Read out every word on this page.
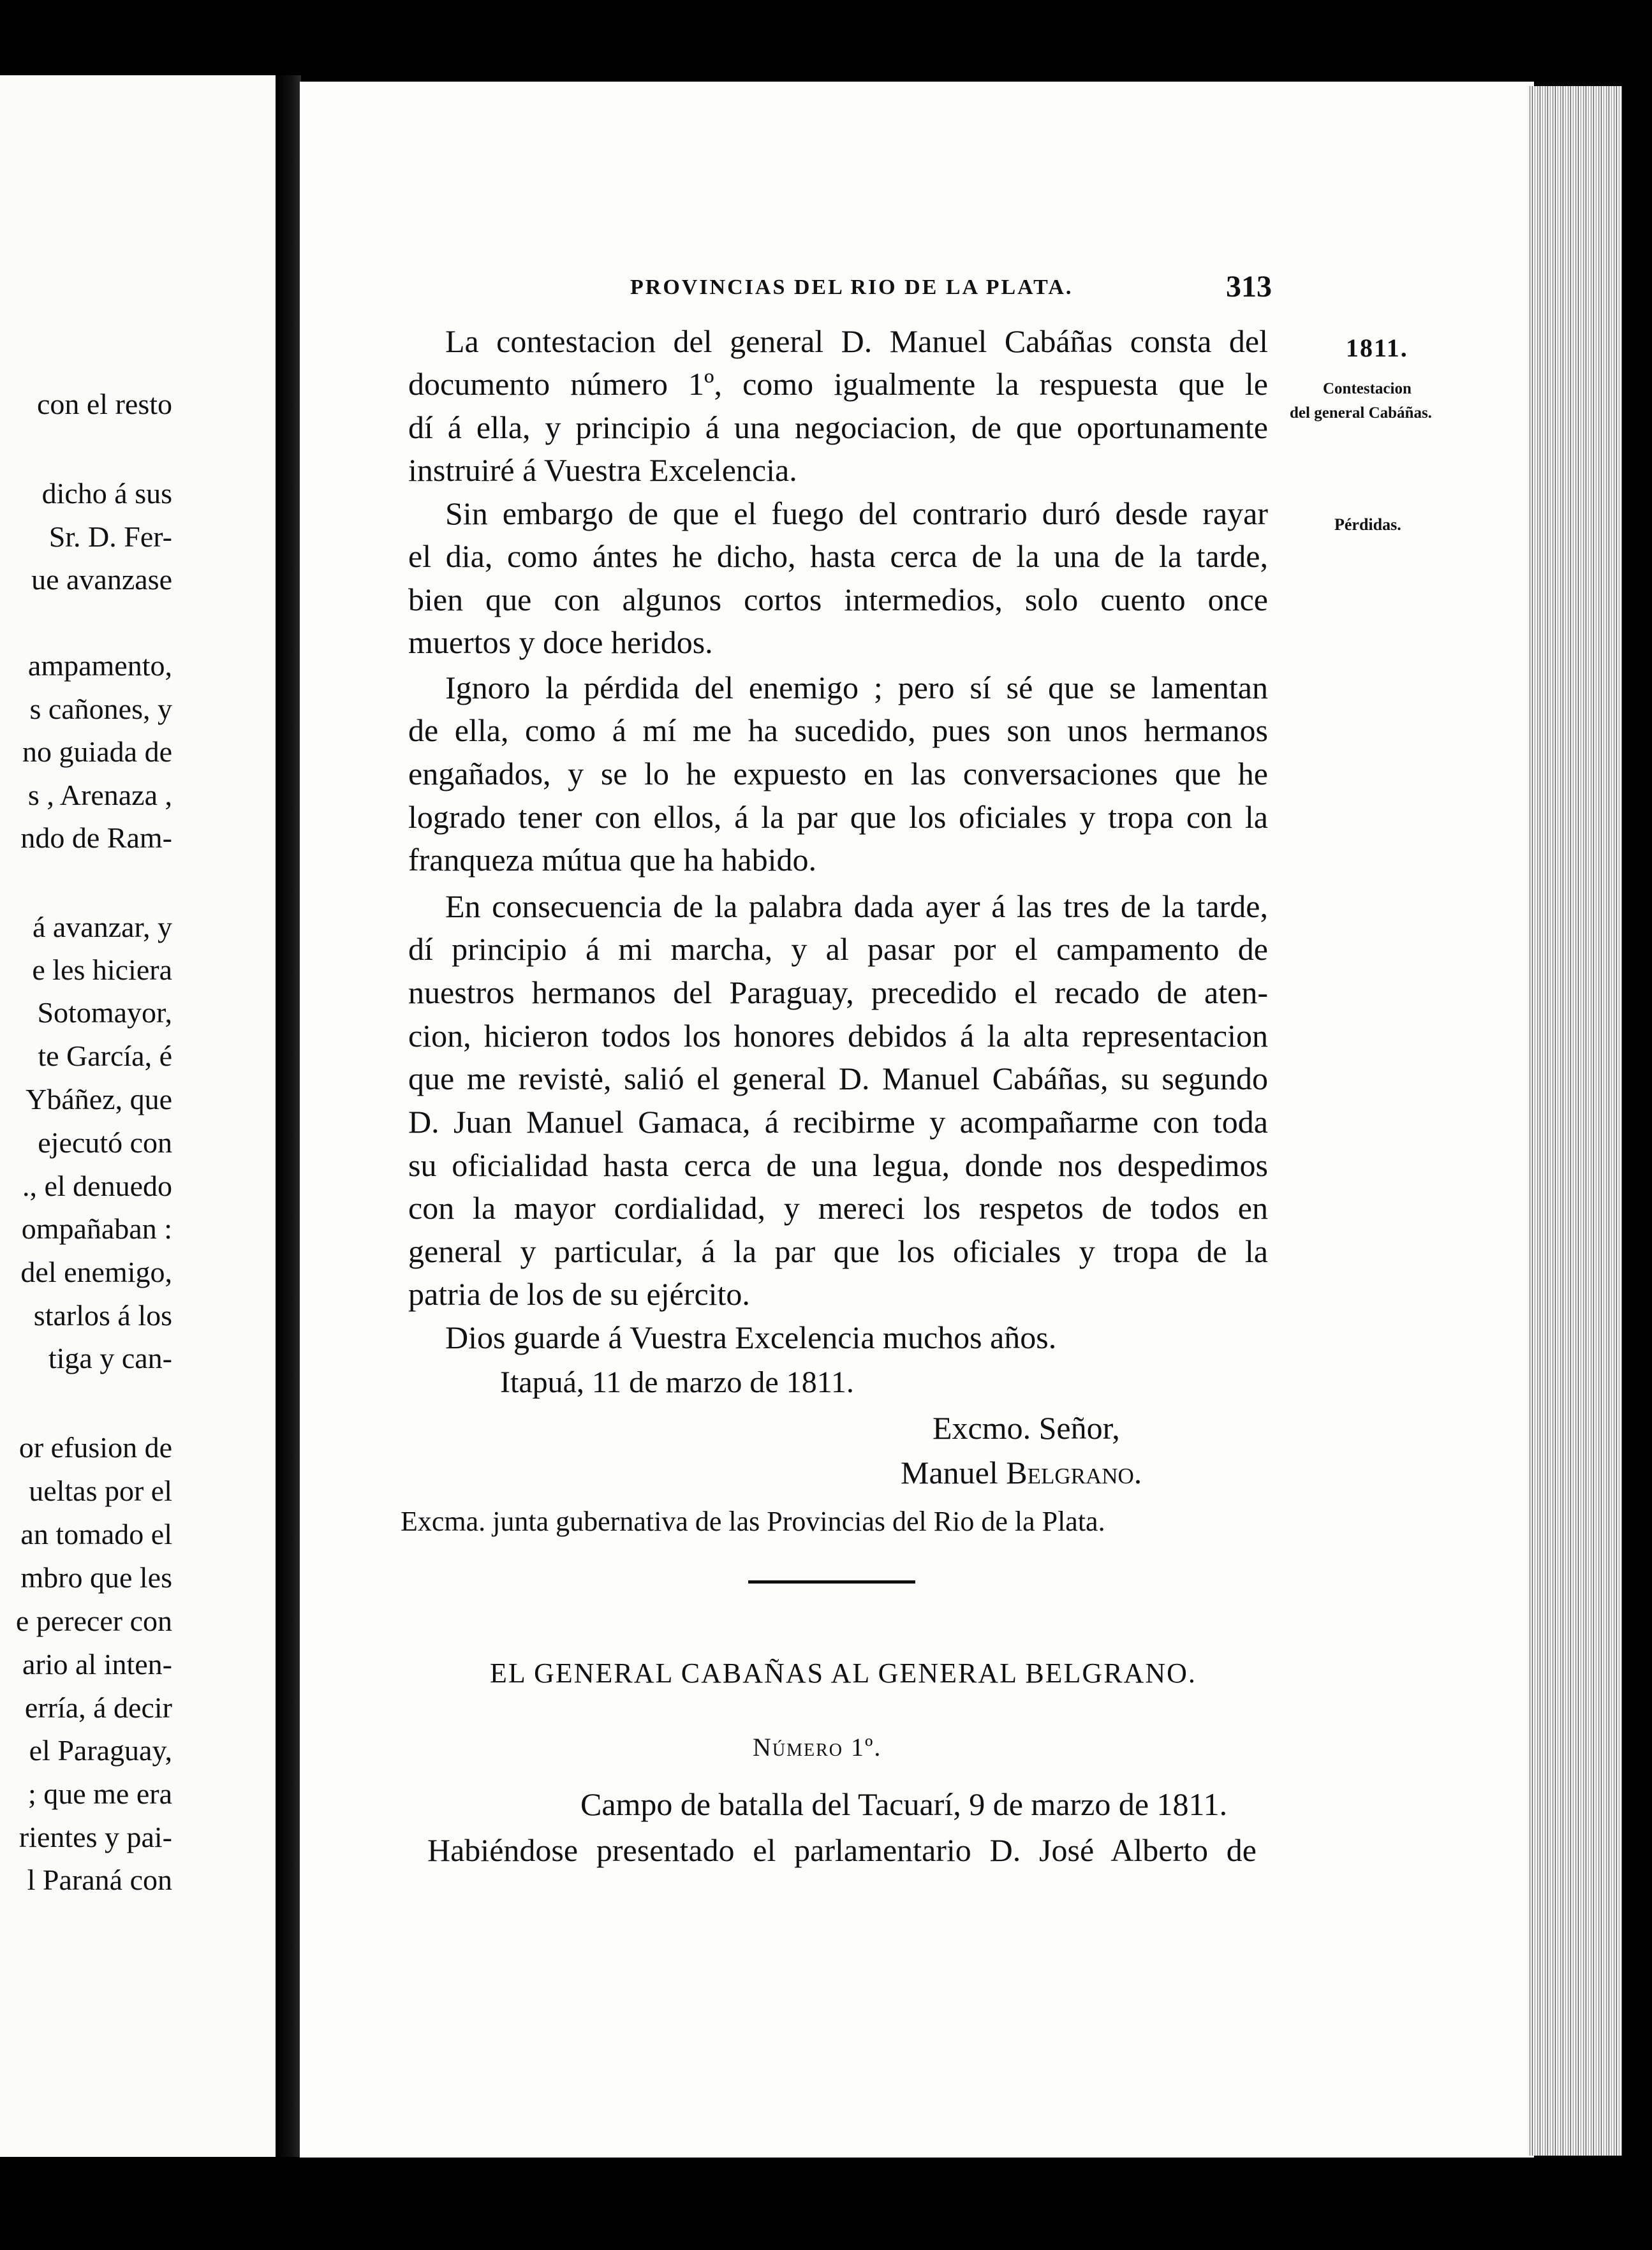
con el resto
dicho á sus
Sr. D. Fer-
ue avanzase
ampamento,
s cañones, y
no guiada de
s , Arenaza ,
ndo de Ram-
á avanzar, y
e les hiciera
Sotomayor,
te García, é
Ybáñez, que
ejecutó con
., el denuedo
ompañaban :
del enemigo,
starlos á los
tiga y can-
or efusion de
ueltas por el
an tomado el
mbro que les
e perecer con
ario al inten-
erría, á decir
el Paraguay,
; que me era
rientes y pai-
l Paraná con
PROVINCIAS DEL RIO DE LA PLATA.	313
1811.
Contestacion
del general Cabáñas.
Pérdidas.
La contestacion del general D. Manuel Cabáñas consta del
documento número 1º, como igualmente la respuesta que le
dí á ella, y principio á una negociacion, de que oportunamente
instruiré á Vuestra Excelencia.
Sin embargo de que el fuego del contrario duró desde rayar
el dia, como ántes he dicho, hasta cerca de la una de la tarde,
bien que con algunos cortos intermedios, solo cuento once
muertos y doce heridos.
Ignoro la pérdida del enemigo ; pero sí sé que se lamentan
de ella, como á mí me ha sucedido, pues son unos hermanos
engañados, y se lo he expuesto en las conversaciones que he
logrado tener con ellos, á la par que los oficiales y tropa con la
franqueza mútua que ha habido.
En consecuencia de la palabra dada ayer á las tres de la tarde,
dí principio á mi marcha, y al pasar por el campamento de
nuestros hermanos del Paraguay, precedido el recado de aten-
cion, hicieron todos los honores debidos á la alta representacion
que me revistė, salió el general D. Manuel Cabáñas, su segundo
D. Juan Manuel Gamaca, á recibirme y acompañarme con toda
su oficialidad hasta cerca de una legua, donde nos despedimos
con la mayor cordialidad, y mereci los respetos de todos en
general y particular, á la par que los oficiales y tropa de la
patria de los de su ejército.
Dios guarde á Vuestra Excelencia muchos años.
Itapuá, 11 de marzo de 1811.
Excmo. Señor,
Manuel Belgrano.
Excma. junta gubernativa de las Provincias del Rio de la Plata.
EL GENERAL CABAÑAS AL GENERAL BELGRANO.
Número 1º.
Campo de batalla del Tacuarí, 9 de marzo de 1811.
Habiéndose presentado el parlamentario D. José Alberto de
